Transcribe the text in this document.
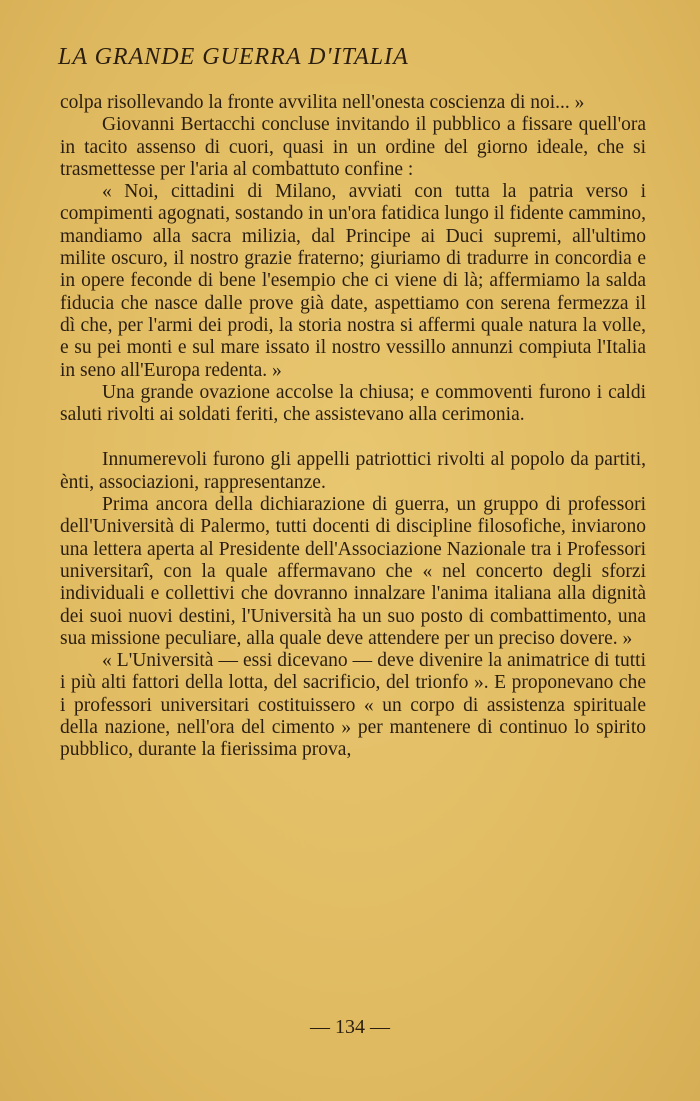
LA GRANDE GUERRA D'ITALIA

colpa risollevando la fronte avvilita nell'onesta coscienza di noi... »

Giovanni Bertacchi concluse invitando il pubblico a fissare quell'ora in tacito assenso di cuori, quasi in un ordine del giorno ideale, che si trasmettesse per l'aria al combattuto confine :

« Noi, cittadini di Milano, avviati con tutta la patria verso i compimenti agognati, sostando in un'ora fatidica lungo il fidente cammino, mandiamo alla sacra milizia, dal Principe ai Duci supremi, all'ultimo milite oscuro, il nostro grazie fraterno; giuriamo di tradurre in concordia e in opere feconde di bene l'esempio che ci viene di là; affermiamo la salda fiducia che nasce dalle prove già date, aspettiamo con serena fermezza il dì che, per l'armi dei prodi, la storia nostra si affermi quale natura la volle, e su pei monti e sul mare issato il nostro vessillo annunzi compiuta l'Italia in seno all'Europa redenta. »

Una grande ovazione accolse la chiusa; e commoventi furono i caldi saluti rivolti ai soldati feriti, che assistevano alla cerimonia.

Innumerevoli furono gli appelli patriottici rivolti al popolo da partiti, ènti, associazioni, rappresentanze.

Prima ancora della dichiarazione di guerra, un gruppo di professori dell'Università di Palermo, tutti docenti di discipline filosofiche, inviarono una lettera aperta al Presidente dell'Associazione Nazionale tra i Professori universitarî, con la quale affermavano che « nel concerto degli sforzi individuali e collettivi che dovranno innalzare l'anima italiana alla dignità dei suoi nuovi destini, l'Università ha un suo posto di combattimento, una sua missione peculiare, alla quale deve attendere per un preciso dovere. »

« L'Università — essi dicevano — deve divenire la animatrice di tutti i più alti fattori della lotta, del sacrificio, del trionfo ». E proponevano che i professori universitari costituissero « un corpo di assistenza spirituale della nazione, nell'ora del cimento » per mantenere di continuo lo spirito pubblico, durante la fierissima prova,

— 134 —
